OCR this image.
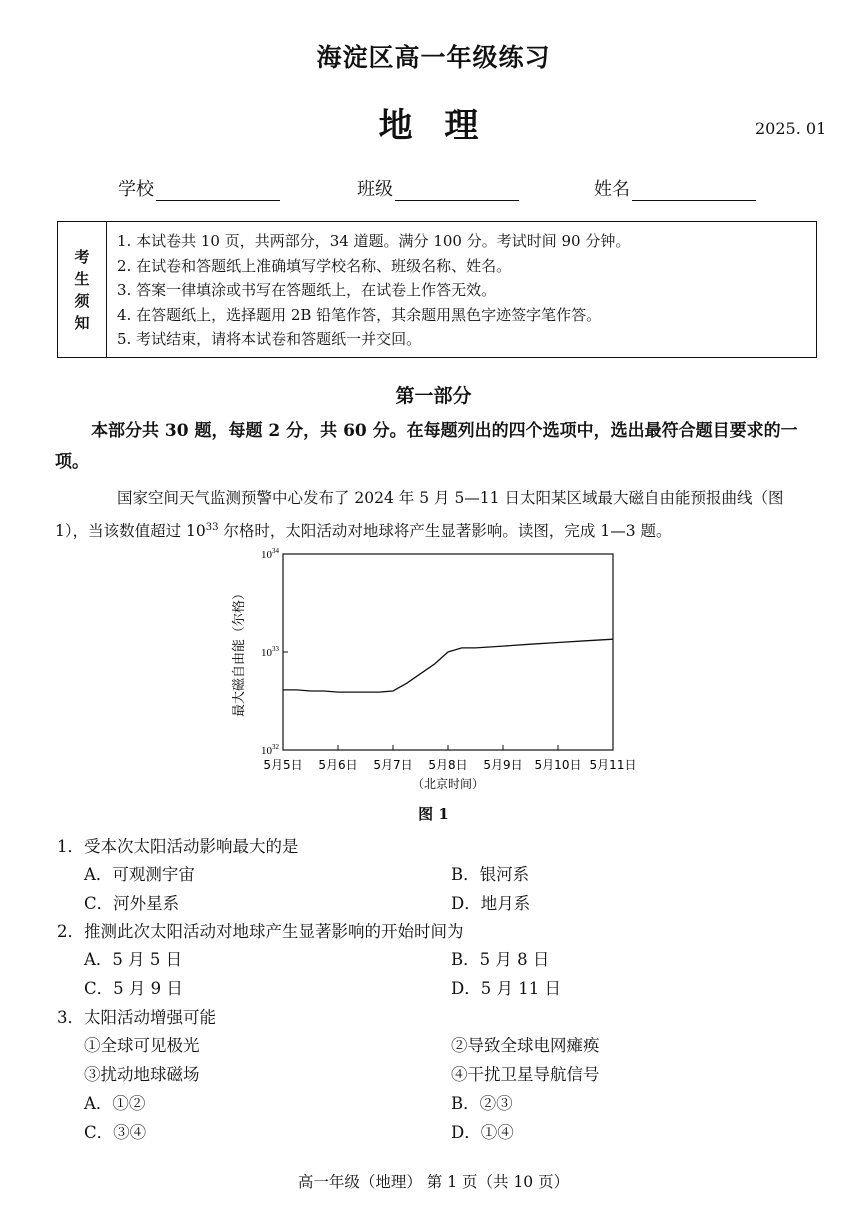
海淀区高一年级练习
地 理	2025. 01
学校	班级	姓名
考
生
须
知
1. 本试卷共 10 页，共两部分，34 道题。满分 100 分。考试时间 90 分钟。
2. 在试卷和答题纸上准确填写学校名称、班级名称、姓名。
3. 答案一律填涂或书写在答题纸上，在试卷上作答无效。
4. 在答题纸上，选择题用 2B 铅笔作答，其余题用黑色字迹签字笔作答。
5. 考试结束，请将本试卷和答题纸一并交回。
第一部分
本部分共 30 题，每题 2 分，共 60 分。在每题列出的四个选项中，选出最符合题目要求的一项。
国家空间天气监测预警中心发布了 2024 年 5 月 5—11 日太阳某区域最大磁自由能预报曲线（图 1），当该数值超过 $10^{33}$ 尔格时，太阳活动对地球将产生显著影响。读图，完成 1—3 题。
$10^{34}$
$10^{33}$
$10^{32}$
5月5日 5月6日 5月7日 5月8日 5月9日 5月10日 5月11日
最大磁自由能（尔格）
（北京时间）
图 1
1．受本次太阳活动影响最大的是
A．可观测宇宙	B．银河系
C．河外星系	D．地月系
2．推测此次太阳活动对地球产生显著影响的开始时间为
A．5 月 5 日	B．5 月 8 日
C．5 月 9 日	D．5 月 11 日
3．太阳活动增强可能
①全球可见极光	②导致全球电网瘫痪
③扰动地球磁场	④干扰卫星导航信号
A．①②	B．②③
C．③④	D．①④
高一年级（地理） 第 1 页（共 10 页）
